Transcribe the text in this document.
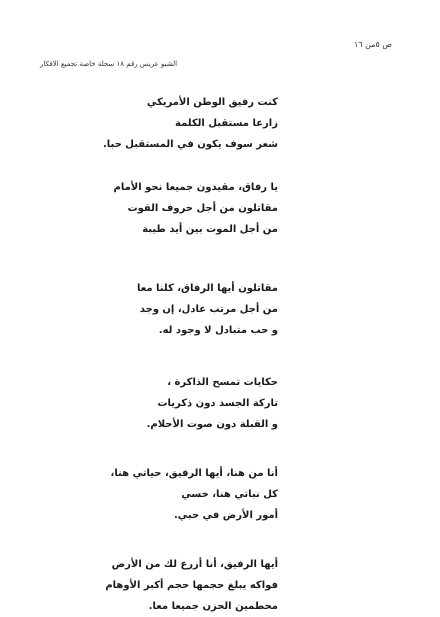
ص ٥من ١٦
الشيو عريس رقم ١٨ سجلة خاصة تجميع الافكار
كنت رفيق الوطن الأمريكي
زارعا مستقبل الكلمة
شعر سوف يكون في المستقبل حبا.
يا رفاق، مقيدون جميعا نحو الأمام
مقاتلون من أجل حروف القوت
من أجل الموت بين أيد طيبة
مقاتلون أيها الرفاق، كلنا معا
من أجل مرتب عادل، إن وجد
و حب متبادل لا وجود له.
حكايات تمسح الذاكرة ،
تاركة الجسد دون ذكريات
و القبلة دون صوت الأحلام.
أنا من هنا، أيها الرفيق، حياتي هنا،
كل نباتي هنا، خسي
أمور الأرض في حبي.
أيها الرفيق، أنا أزرع لك من الأرض
فواكه يبلغ حجمها حجم أكبر الأوهام
محطمين الحزن جميعا معا.
